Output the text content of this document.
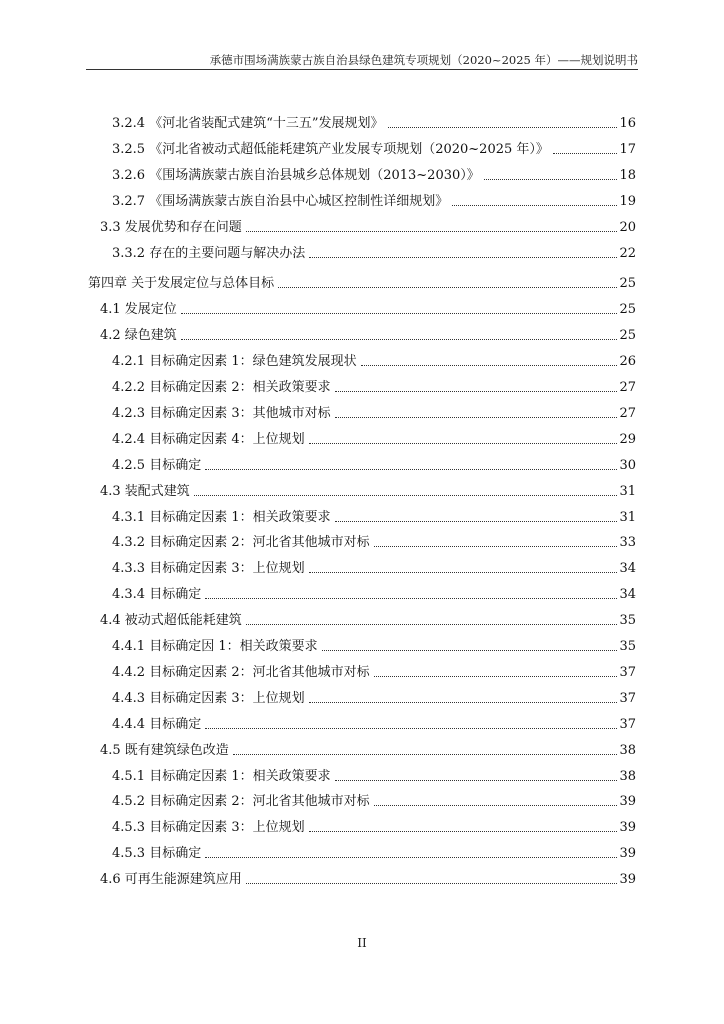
承德市围场满族蒙古族自治县绿色建筑专项规划（2020~2025 年）——规划说明书
3.2.4 《河北省装配式建筑“十三五”发展规划》	16
3.2.5 《河北省被动式超低能耗建筑产业发展专项规划（2020~2025 年）》	17
3.2.6 《围场满族蒙古族自治县城乡总体规划（2013~2030）》	18
3.2.7 《围场满族蒙古族自治县中心城区控制性详细规划》	19
3.3 发展优势和存在问题	20
3.3.2 存在的主要问题与解决办法	22
第四章 关于发展定位与总体目标	25
4.1 发展定位	25
4.2 绿色建筑	25
4.2.1 目标确定因素 1：绿色建筑发展现状	26
4.2.2 目标确定因素 2：相关政策要求	27
4.2.3 目标确定因素 3：其他城市对标	27
4.2.4 目标确定因素 4：上位规划	29
4.2.5 目标确定	30
4.3 装配式建筑	31
4.3.1 目标确定因素 1：相关政策要求	31
4.3.2 目标确定因素 2：河北省其他城市对标	33
4.3.3 目标确定因素 3：上位规划	34
4.3.4 目标确定	34
4.4 被动式超低能耗建筑	35
4.4.1 目标确定因 1：相关政策要求	35
4.4.2 目标确定因素 2：河北省其他城市对标	37
4.4.3 目标确定因素 3：上位规划	37
4.4.4 目标确定	37
4.5 既有建筑绿色改造	38
4.5.1 目标确定因素 1：相关政策要求	38
4.5.2 目标确定因素 2：河北省其他城市对标	39
4.5.3 目标确定因素 3：上位规划	39
4.5.3 目标确定	39
4.6 可再生能源建筑应用	39
II
